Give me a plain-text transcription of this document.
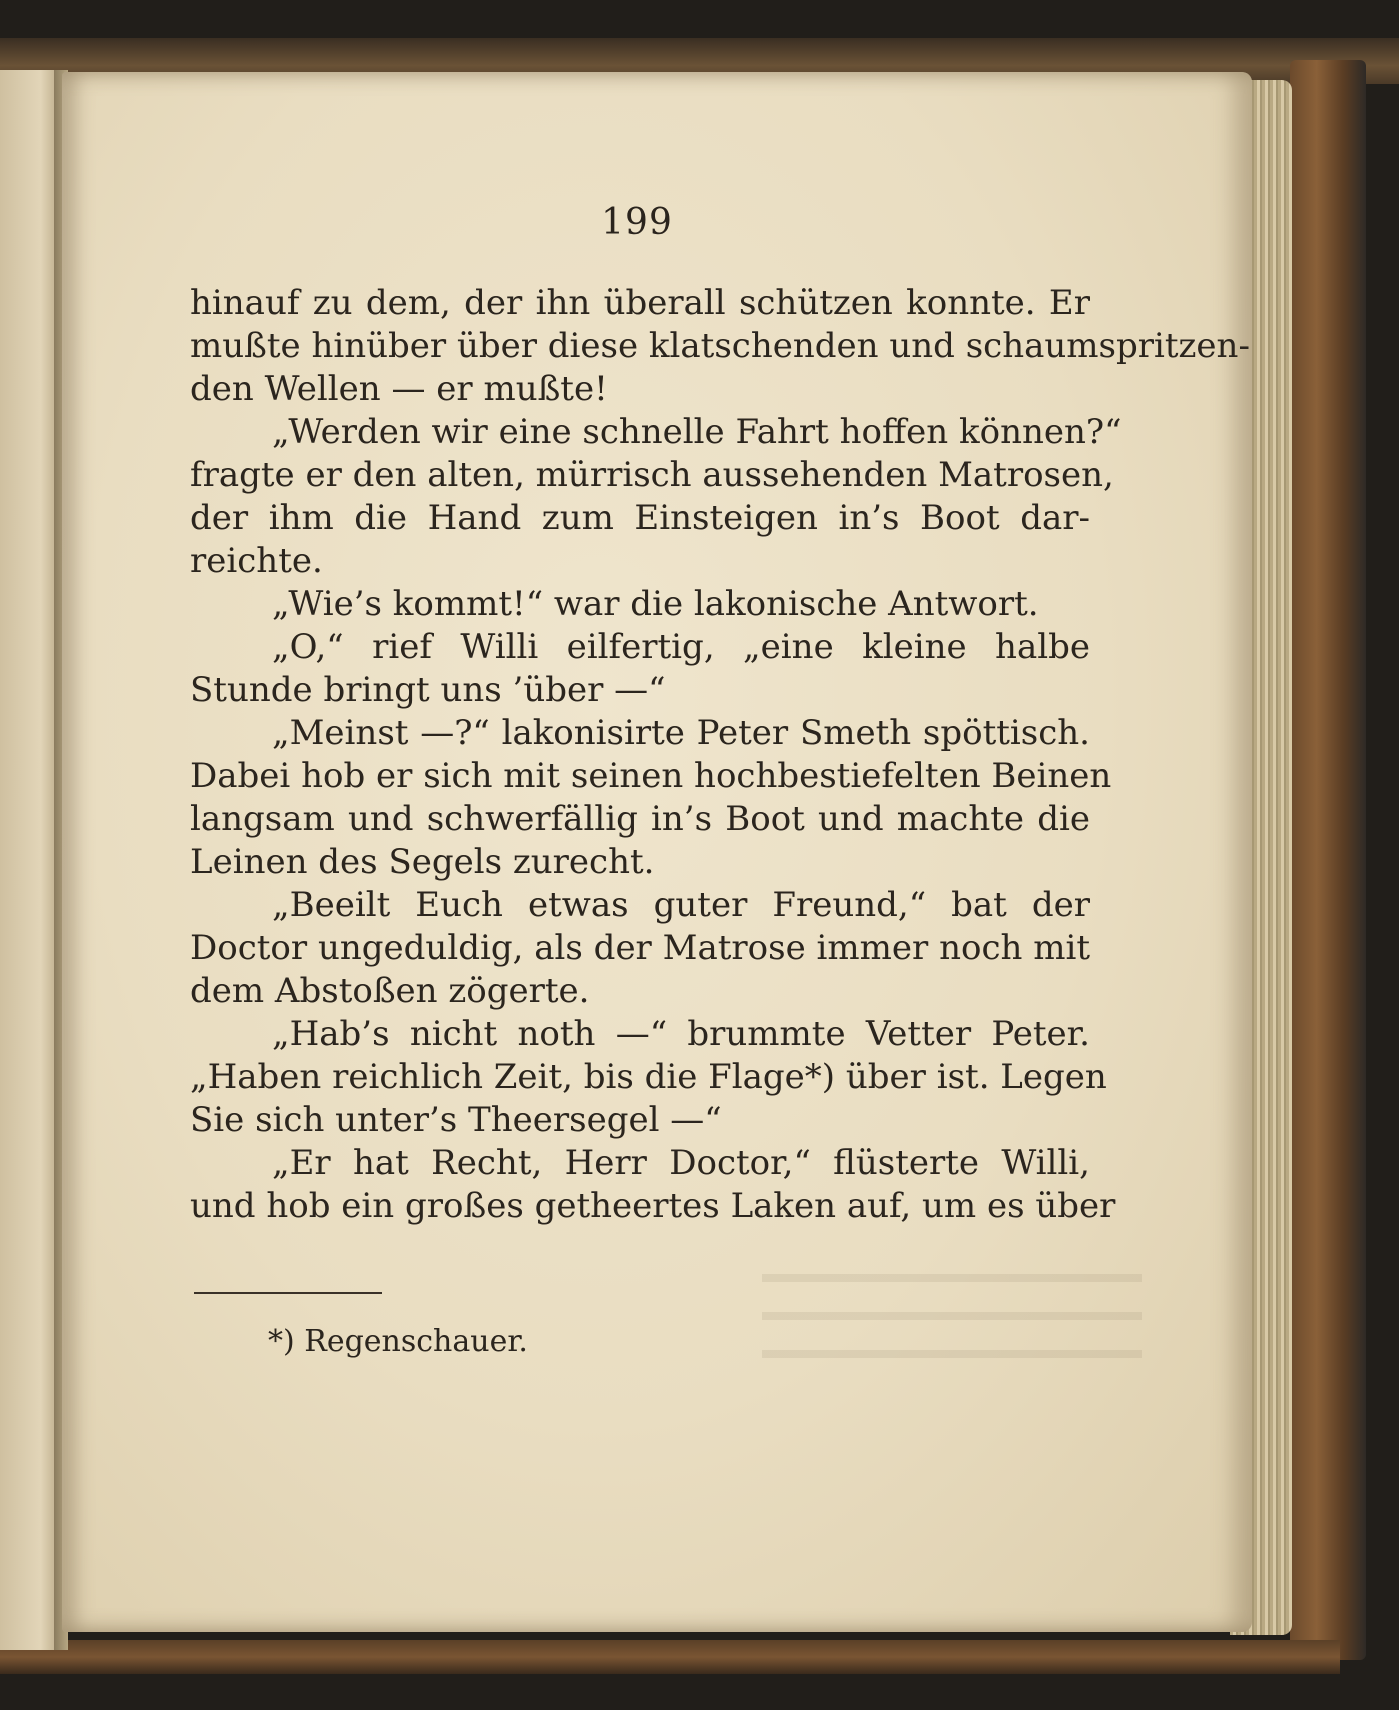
199
hinauf zu dem, der ihn überall schützen konnte. Er
mußte hinüber über diese klatschenden und schaumspritzen-
den Wellen — er mußte!
„Werden wir eine schnelle Fahrt hoffen können?“
fragte er den alten, mürrisch aussehenden Matrosen,
der ihm die Hand zum Einsteigen in’s Boot dar-
reichte.
„Wie’s kommt!“ war die lakonische Antwort.
„O,“ rief Willi eilfertig, „eine kleine halbe
Stunde bringt uns ’über —“
„Meinst —?“ lakonisirte Peter Smeth spöttisch.
Dabei hob er sich mit seinen hochbestiefelten Beinen
langsam und schwerfällig in’s Boot und machte die
Leinen des Segels zurecht.
„Beeilt Euch etwas guter Freund,“ bat der
Doctor ungeduldig, als der Matrose immer noch mit
dem Abstoßen zögerte.
„Hab’s nicht noth —“ brummte Vetter Peter.
„Haben reichlich Zeit, bis die Flage*) über ist. Legen
Sie sich unter’s Theersegel —“
„Er hat Recht, Herr Doctor,“ flüsterte Willi,
und hob ein großes getheertes Laken auf, um es über
*) Regenschauer.
